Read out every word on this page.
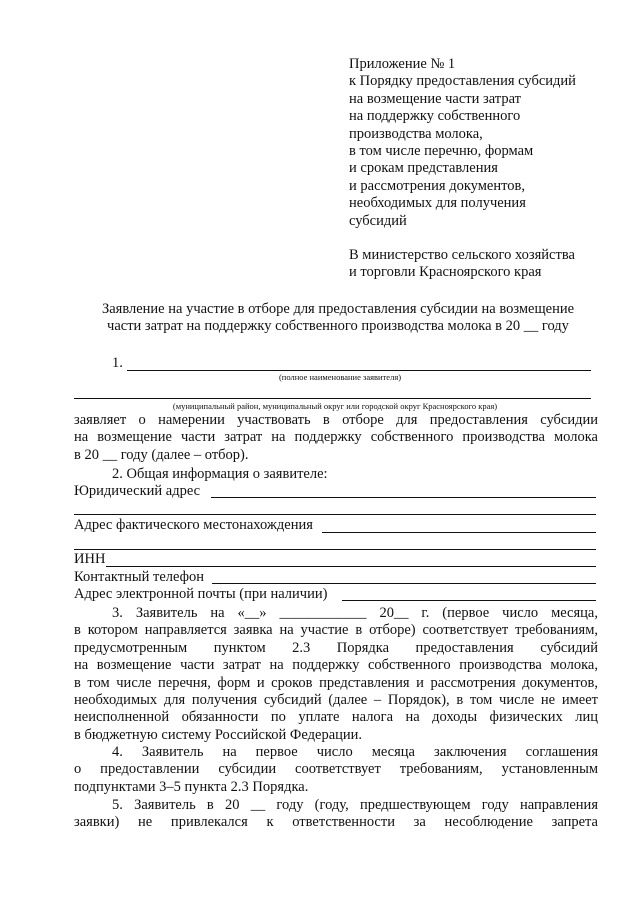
Приложение № 1
к Порядку предоставления субсидий
на возмещение части затрат
на поддержку собственного
производства молока,
в том числе перечню, формам
и срокам представления
и рассмотрения документов,
необходимых для получения
субсидий
В министерство сельского хозяйства
и торговли Красноярского края
Заявление на участие в отборе для предоставления субсидии на возмещение
части затрат на поддержку собственного производства молока в 20 __ году
1.
(полное наименование заявителя)
(муниципальный район, муниципальный округ или городской округ Красноярского края)
заявляет о намерении участвовать в отборе для предоставления субсидии
на возмещение части затрат на поддержку собственного производства молока
в 20 __ году (далее – отбор).
2. Общая информация о заявителе:
Юридический адрес
Адрес фактического местонахождения
ИНН
Контактный телефон
Адрес электронной почты (при наличии)
3. Заявитель на «__» ____________ 20__ г. (первое число месяца,
в котором направляется заявка на участие в отборе) соответствует требованиям,
предусмотренным пунктом 2.3 Порядка предоставления субсидий
на возмещение части затрат на поддержку собственного производства молока,
в том числе перечня, форм и сроков представления и рассмотрения документов,
необходимых для получения субсидий (далее – Порядок), в том числе не имеет
неисполненной обязанности по уплате налога на доходы физических лиц
в бюджетную систему Российской Федерации.
4. Заявитель на первое число месяца заключения соглашения
о предоставлении субсидии соответствует требованиям, установленным
подпунктами 3–5 пункта 2.3 Порядка.
5. Заявитель в 20 __ году (году, предшествующем году направления
заявки) не привлекался к ответственности за несоблюдение запрета
